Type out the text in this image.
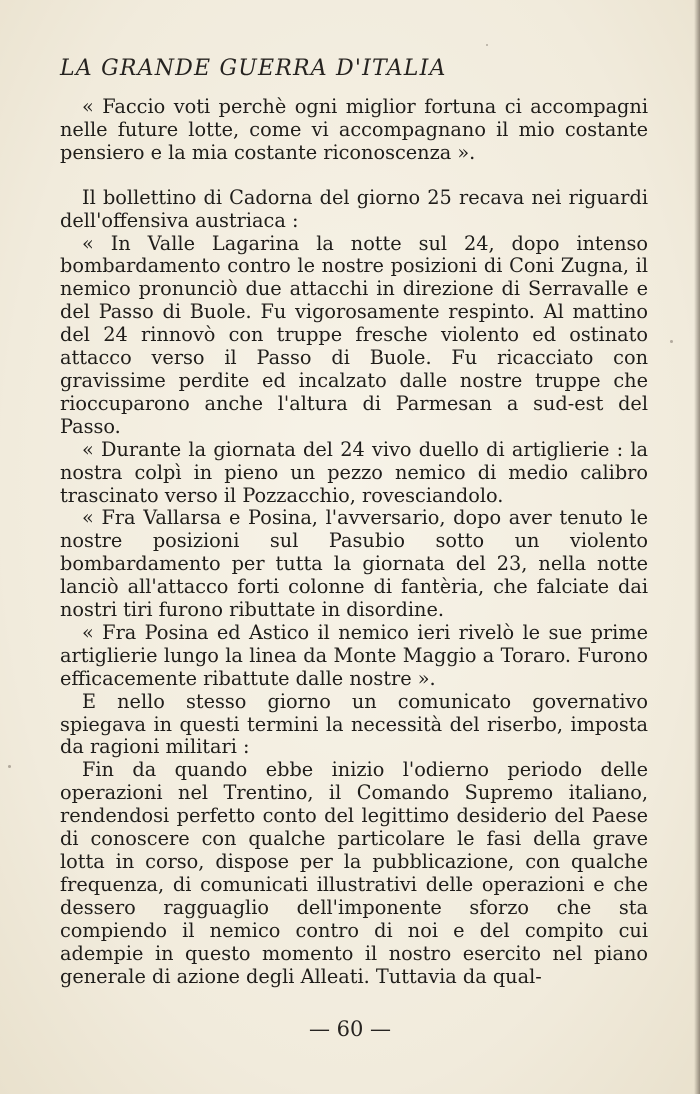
LA GRANDE GUERRA D'ITALIA

« Faccio voti perchè ogni miglior fortuna ci accompagni nelle future lotte, come vi accompagnano il mio costante pensiero e la mia costante riconoscenza ».

Il bollettino di Cadorna del giorno 25 recava nei riguardi dell'offensiva austriaca :

« In Valle Lagarina la notte sul 24, dopo intenso bombardamento contro le nostre posizioni di Coni Zugna, il nemico pronunciò due attacchi in direzione di Serravalle e del Passo di Buole. Fu vigorosamente respinto. Al mattino del 24 rinnovò con truppe fresche violento ed ostinato attacco verso il Passo di Buole. Fu ricacciato con gravissime perdite ed incalzato dalle nostre truppe che rioccuparono anche l'altura di Parmesan a sud-est del Passo.

« Durante la giornata del 24 vivo duello di artiglierie : la nostra colpì in pieno un pezzo nemico di medio calibro trascinato verso il Pozzacchio, rovesciandolo.

« Fra Vallarsa e Posina, l'avversario, dopo aver tenuto le nostre posizioni sul Pasubio sotto un violento bombardamento per tutta la giornata del 23, nella notte lanciò all'attacco forti colonne di fantèria, che falciate dai nostri tiri furono ributtate in disordine.

« Fra Posina ed Astico il nemico ieri rivelò le sue prime artiglierie lungo la linea da Monte Maggio a Toraro. Furono efficacemente ribattute dalle nostre ».

E nello stesso giorno un comunicato governativo spiegava in questi termini la necessità del riserbo, imposta da ragioni militari :

Fin da quando ebbe inizio l'odierno periodo delle operazioni nel Trentino, il Comando Supremo italiano, rendendosi perfetto conto del legittimo desiderio del Paese di conoscere con qualche particolare le fasi della grave lotta in corso, dispose per la pubblicazione, con qualche frequenza, di comunicati illustrativi delle operazioni e che dessero ragguaglio dell'imponente sforzo che sta compiendo il nemico contro di noi e del compito cui adempie in questo momento il nostro esercito nel piano generale di azione degli Alleati. Tuttavia da qual-

— 60 —
